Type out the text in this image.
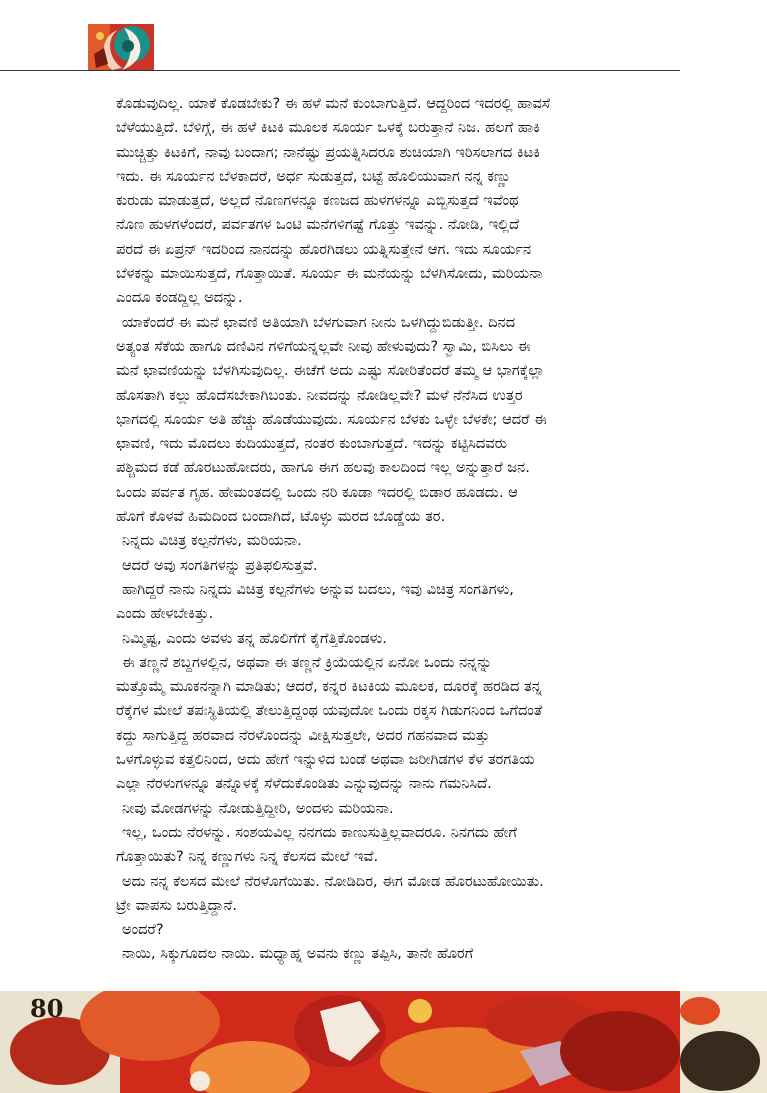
ಕೊಡುವುದಿಲ್ಲ. ಯಾಕೆ ಕೊಡಬೇಕು? ಈ ಹಳೆ ಮನೆ ಕುಂಬಾಗುತ್ತಿದೆ. ಆದ್ದರಿಂದ ಇದರಲ್ಲಿ ಹಾವಸೆ
ಬೆಳೆಯುತ್ತಿದೆ. ಬೆಳಿಗ್ಗೆ, ಈ ಹಳೆ ಕಿಟಕಿ ಮೂಲಕ ಸೂರ್ಯ ಒಳಕ್ಕೆ ಬರುತ್ತಾನೆ ನಿಜ. ಹಲಗೆ ಹಾಕಿ
ಮುಚ್ಚಿತ್ತು ಕಿಟಕಿಗೆ, ನಾವು ಬಂದಾಗ; ನಾನೆಷ್ಟು ಪ್ರಯತ್ನಿಸಿದರೂ ಶುಚಿಯಾಗಿ ಇರಿಸಲಾಗದ ಕಿಟಕಿ
ಇದು. ಈ ಸೂರ್ಯನ ಬೆಳಕಾದರೆ, ಅರ್ಧ ಸುಡುತ್ತದೆ, ಬಟ್ಟೆ ಹೊಲಿಯುವಾಗ ನನ್ನ ಕಣ್ಣು
ಕುರುಡು ಮಾಡುತ್ತದೆ, ಅಲ್ಲದೆ ನೊಣಗಳನ್ನೂ ಕಣಜದ ಹುಳಗಳನ್ನೂ ಎಬ್ಬಿಸುತ್ತದೆ ಇವೆಂಥ
ನೊಣ ಹುಳಗಳೆಂದರೆ, ಪರ್ವತಗಳ ಒಂಟಿ ಮನೆಗಳಿಗಷ್ಟೆ ಗೊತ್ತು ಇವನ್ನು. ನೋಡಿ, ಇಲ್ಲಿದೆ
ಪರದೆ ಈ ಏಪ್ರನ್ ಇದರಿಂದ ನಾನದನ್ನು ಹೊರಗಿಡಲು ಯತ್ನಿಸುತ್ತೇನೆ ಆಗ. ಇದು ಸೂರ್ಯನ
ಬೆಳಕನ್ನು ಮಾಯಿಸುತ್ತದೆ, ಗೊತ್ತಾಯಿತೆ. ಸೂರ್ಯ ಈ ಮನೆಯನ್ನು ಬೆಳಗಿಸೋದು, ಮರಿಯನಾ
ಎಂದೂ ಕಂಡದ್ದಿಲ್ಲ ಅದನ್ನು.
ಯಾಕೆಂದರೆ ಈ ಮನೆ ಛಾವಣಿ ಅತಿಯಾಗಿ ಬೆಳಗುವಾಗ ನೀನು ಒಳಗಿದ್ದುಬಿಡುತ್ತೀ. ದಿನದ
ಅತ್ಯಂತ ಸೆಕೆಯ ಹಾಗೂ ದಣಿವಿನ ಗಳಿಗೆಯನ್ನಲ್ಲವೇ ನೀವು ಹೇಳುವುದು? ಸ್ವಾಮಿ, ಬಿಸಿಲು ಈ
ಮನೆ ಛಾವಣಿಯನ್ನು ಬೆಳಗಿಸುವುದಿಲ್ಲ. ಈಚೆಗೆ ಅದು ಎಷ್ಟು ಸೋರಿತೆಂದರೆ ತಮ್ಮ ಆ ಭಾಗಕ್ಕೆಲ್ಲಾ
ಹೊಸತಾಗಿ ಕಲ್ಲು ಹೊದೆಸಬೇಕಾಗಿಬಂತು. ನೀವದನ್ನು ನೋಡಿಲ್ಲವೇ? ಮಳೆ ನೆನೆಸಿದ ಉತ್ತರ
ಭಾಗದಲ್ಲಿ ಸೂರ್ಯ ಅತಿ ಹೆಚ್ಚು ಹೊಡೆಯುವುದು. ಸೂರ್ಯನ ಬೆಳಕು ಒಳ್ಳೇ ಬೆಳಕೇ; ಆದರೆ ಈ
ಛಾವಣಿ, ಇದು ಮೊದಲು ಕುದಿಯುತ್ತದೆ, ನಂತರ ಕುಂಬಾಗುತ್ತದೆ. ಇದನ್ನು ಕಟ್ಟಿಸಿದವರು
ಪಶ್ಚಿಮದ ಕಡೆ ಹೊರಟುಹೋದರು, ಹಾಗೂ ಈಗ ಹಲವು ಕಾಲದಿಂದ ಇಲ್ಲ ಅನ್ನುತ್ತಾರೆ ಜನ.
ಒಂದು ಪರ್ವತ ಗೃಹ. ಹೇಮಂತದಲ್ಲಿ ಒಂದು ನರಿ ಕೂಡಾ ಇದರಲ್ಲಿ ಬಿಡಾರ ಹೂಡದು. ಆ
ಹೊಗೆ ಕೊಳವೆ ಹಿಮದಿಂದ ಬಂದಾಗಿದೆ, ಟೊಳ್ಳು ಮರದ ಬೊಡ್ಡೆಯ ತರ.
ನಿನ್ನದು ವಿಚಿತ್ರ ಕಲ್ಪನೆಗಳು, ಮರಿಯನಾ.
ಆದರೆ ಅವು ಸಂಗತಿಗಳನ್ನು ಪ್ರತಿಫಲಿಸುತ್ತವೆ.
ಹಾಗಿದ್ದರೆ ನಾನು ನಿನ್ನದು ವಿಚಿತ್ರ ಕಲ್ಪನೆಗಳು ಅನ್ನುವ ಬದಲು, ಇವು ವಿಚಿತ್ರ ಸಂಗತಿಗಳು,
ಎಂದು ಹೇಳಬೇಕಿತ್ತು.
ನಿಮ್ಮಿಷ್ಟ, ಎಂದು ಅವಳು ತನ್ನ ಹೊಲಿಗೆಗೆ ಕೈಗೆತ್ತಿಕೊಂಡಳು.
ಈ ತಣ್ಣನೆ ಶಬ್ದಗಳಲ್ಲಿನ, ಅಥವಾ ಈ ತಣ್ಣನೆ ಕ್ರಿಯೆಯಲ್ಲಿನ ಏನೋ ಒಂದು ನನ್ನನ್ನು
ಮತ್ತೊಮ್ಮೆ ಮೂಕನನ್ನಾಗಿ ಮಾಡಿತು; ಆದರೆ, ಕನ್ನರ ಕಿಟಕಿಯ ಮೂಲಕ, ದೂರಕ್ಕೆ ಹರಡಿದ ತನ್ನ
ರೆಕ್ಕೆಗಳ ಮೇಲೆ ತಪಃಸ್ಥಿತಿಯಲ್ಲಿ ತೇಲುತ್ತಿದ್ದಂಥ ಯವುದೋ ಒಂದು ರಕ್ಕಸ ಗಿಡುಗನಿಂದ ಒಗೆದಂತೆ
ಕದ್ದು ಸಾಗುತ್ತಿದ್ದ ಹರವಾದ ನೆರಳೊಂದನ್ನು ವೀಕ್ಷಿಸುತ್ತಲೇ, ಅದರ ಗಹನವಾದ ಮತ್ತು
ಒಳಗೊಳ್ಳುವ ಕತ್ತಲಿನಿಂದ, ಅದು ಹೇಗೆ ಇನ್ನುಳಿದ ಬಂಡೆ ಅಥವಾ ಜರೀಗಿಡಗಳ ಕೆಳ ತರಗತಿಯ
ಎಲ್ಲಾ ನೆರಳುಗಳನ್ನೂ ತನ್ನೊಳಕ್ಕೆ ಸೆಳೆದುಕೊಂಡಿತು ಎನ್ನುವುದನ್ನು ನಾನು ಗಮನಿಸಿದೆ.
ನೀವು ಮೋಡಗಳನ್ನು ನೋಡುತ್ತಿದ್ದೀರಿ, ಅಂದಳು ಮರಿಯನಾ.
ಇಲ್ಲ, ಒಂದು ನೆರಳನ್ನು. ಸಂಶಯವಿಲ್ಲ ನನಗದು ಕಾಣುಸುತ್ತಿಲ್ಲವಾದರೂ. ನಿನಗದು ಹೇಗೆ
ಗೊತ್ತಾಯಿತು? ನಿನ್ನ ಕಣ್ಣುಗಳು ನಿನ್ನ ಕೆಲಸದ ಮೇಲೆ ಇವೆ.
ಅದು ನನ್ನ ಕೆಲಸದ ಮೇಲೆ ನೆರಳೊಗೆಯಿತು. ನೋಡಿದಿರ, ಈಗ ಮೋಡ ಹೊರಟುಹೋಯಿತು.
ಟ್ರೇ ವಾಪಸು ಬರುತ್ತಿದ್ದಾನೆ.
ಅಂದರೆ?
ನಾಯಿ, ಸಿಕ್ಕುಗೂದಲ ನಾಯಿ. ಮಧ್ಯಾಹ್ನ ಅವನು ಕಣ್ಣು ತಪ್ಪಿಸಿ, ತಾನೇ ಹೊರಗೆ
80
